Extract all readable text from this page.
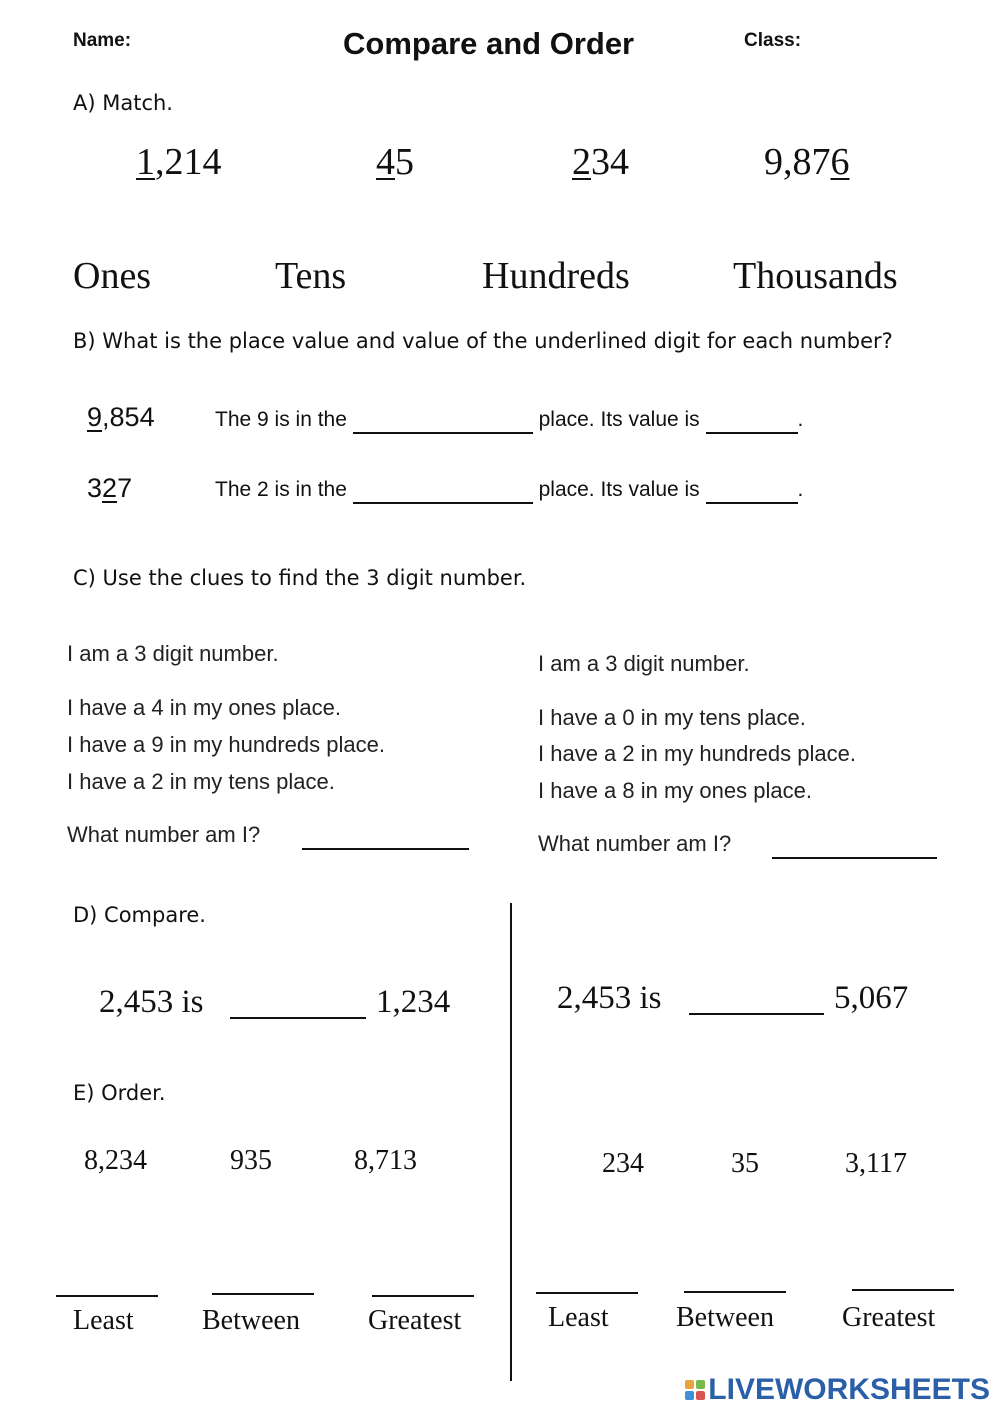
Name:	Compare and Order	Class:
A) Match.
1,214	45	234	9,876
Ones	Tens	Hundreds	Thousands
B) What is the place value and value of the underlined digit for each number?
9,854	The 9 is in the	place. Its value is	.
327	The 2 is in the	place. Its value is	.
C) Use the clues to find the 3 digit number.
I am a 3 digit number.
I have a 4 in my ones place.
I have a 9 in my hundreds place.
I have a 2 in my tens place.
What number am I?
I am a 3 digit number.
I have a 0 in my tens place.
I have a 2 in my hundreds place.
I have a 8 in my ones place.
What number am I?
D) Compare.
2,453 is	1,234	2,453 is	5,067
E) Order.
8,234	935	8,713	234	35	3,117
Least Between Greatest	Least Between Greatest
LIVEWORKSHEETS
